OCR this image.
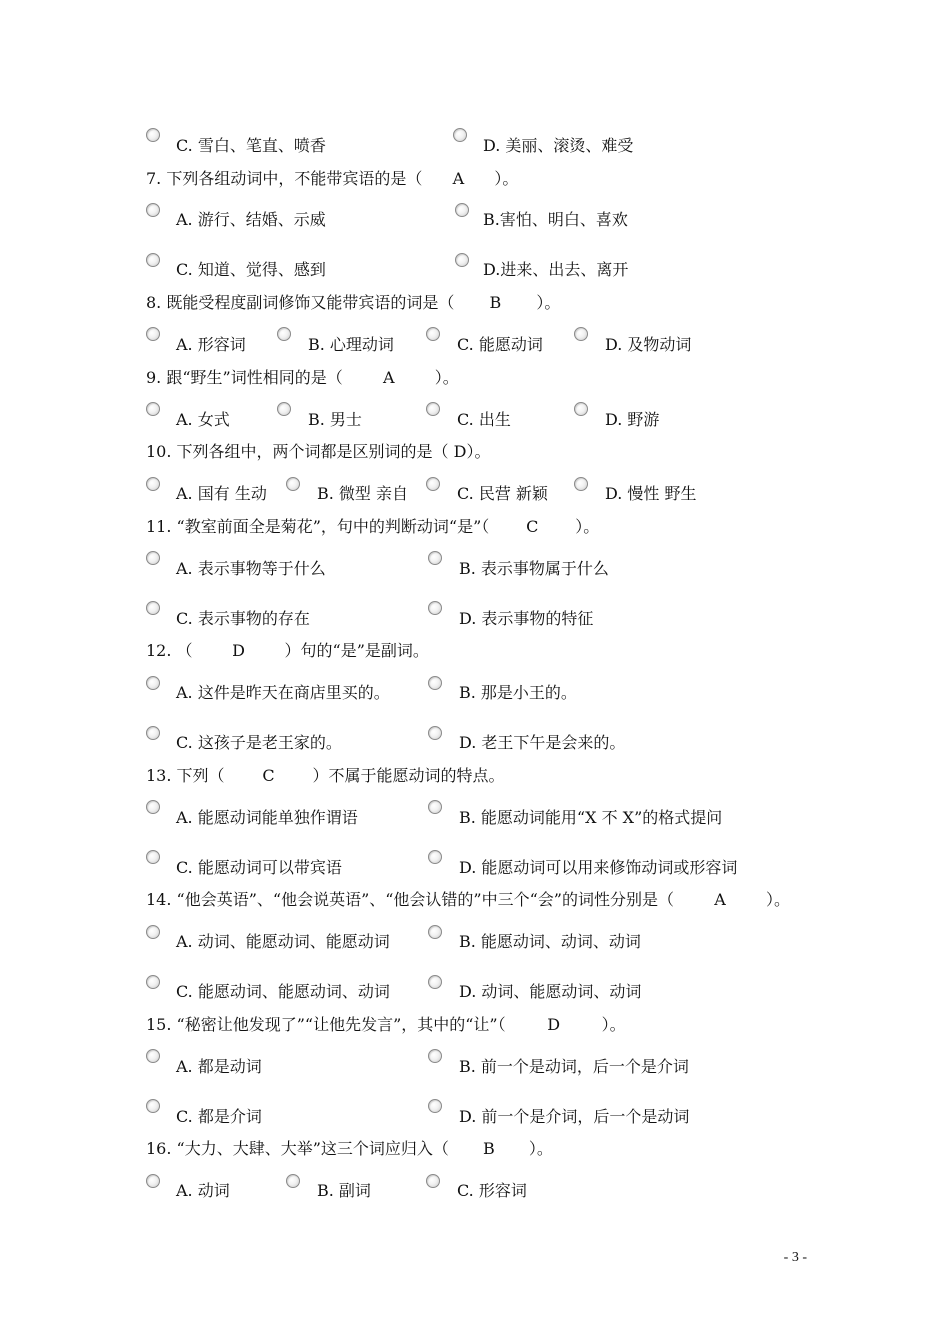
C. 雪白、笔直、喷香	D. 美丽、滚烫、难受
7. 下列各组动词中，不能带宾语的是（ A ）。
A. 游行、结婚、示威	B.害怕、明白、喜欢
C. 知道、觉得、感到	D.进来、出去、离开
8. 既能受程度副词修饰又能带宾语的词是（ B ）。
A. 形容词	B. 心理动词	C. 能愿动词	D. 及物动词
9. 跟“野生”词性相同的是（	A	）。
A. 女式	B. 男士	C. 出生	D. 野游
10. 下列各组中，两个词都是区别词的是（ D）。
A. 国有 生动	B. 微型 亲自	C. 民营 新颖	D. 慢性 野生
11. “教室前面全是菊花”，句中的判断动词“是”（ C ）。
A. 表示事物等于什么	B. 表示事物属于什么
C. 表示事物的存在	D. 表示事物的特征
12. （ D ）句的“是”是副词。
A. 这件是昨天在商店里买的。	B. 那是小王的。
C. 这孩子是老王家的。	D. 老王下午是会来的。
13. 下列（ C ）不属于能愿动词的特点。
A. 能愿动词能单独作谓语	B. 能愿动词能用“X 不 X”的格式提问
C. 能愿动词可以带宾语	D. 能愿动词可以用来修饰动词或形容词
14. “他会英语”、“他会说英语”、“他会认错的”中三个“会”的词性分别是（	A	）。
A. 动词、能愿动词、能愿动词	B. 能愿动词、动词、动词
C. 能愿动词、能愿动词、动词	D. 动词、能愿动词、动词
15. “秘密让他发现了”“让他先发言”，其中的“让”（	D	）。
A. 都是动词	B. 前一个是动词，后一个是介词
C. 都是介词	D. 前一个是介词，后一个是动词
16. “大力、大肆、大举”这三个词应归入（ B ）。
A. 动词	B. 副词	C. 形容词
- 3 -
